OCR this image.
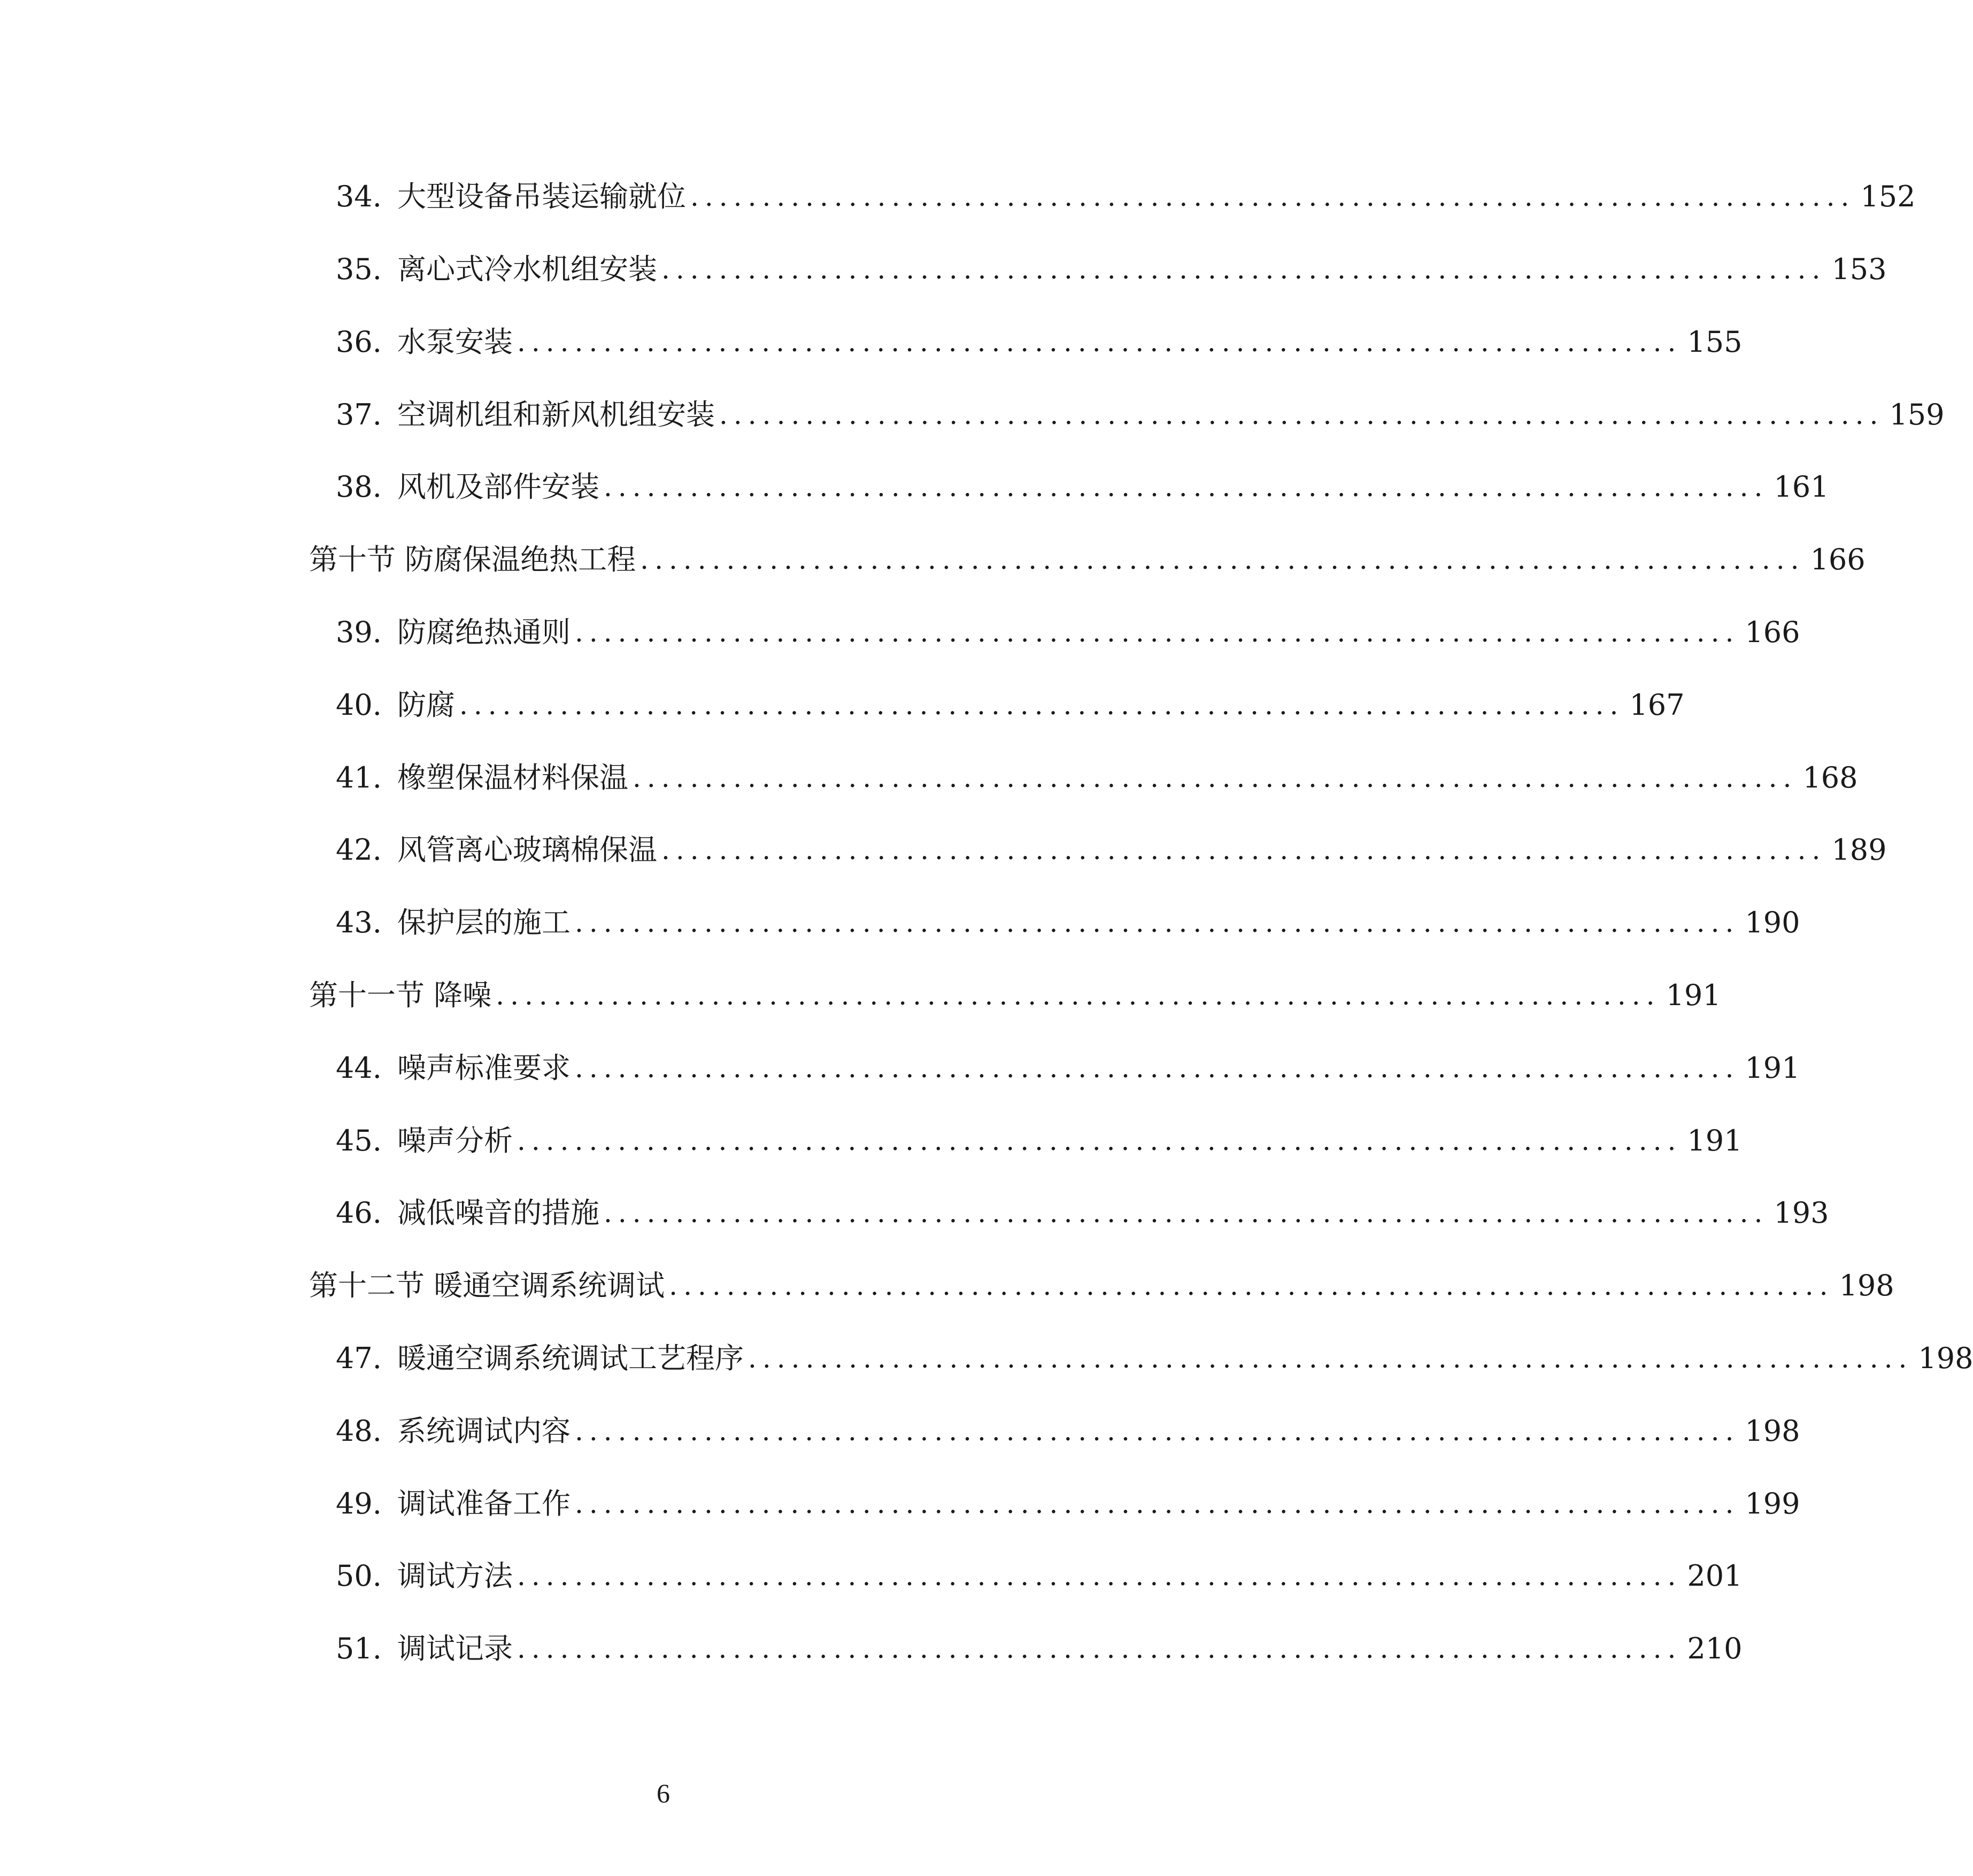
34. 大型设备吊装运输就位 ................................................................................. 152
35. 离心式冷水机组安装 ................................................................................. 153
36. 水泵安装 ................................................................................. 155
37. 空调机组和新风机组安装 ................................................................................. 159
38. 风机及部件安装 ................................................................................. 161
第十节 防腐保温绝热工程 ................................................................................. 166
39. 防腐绝热通则 ................................................................................. 166
40. 防腐 ................................................................................. 167
41. 橡塑保温材料保温 ................................................................................. 168
42. 风管离心玻璃棉保温 ................................................................................. 189
43. 保护层的施工 ................................................................................. 190
第十一节 降噪 ................................................................................. 191
44. 噪声标准要求 ................................................................................. 191
45. 噪声分析 ................................................................................. 191
46. 减低噪音的措施 ................................................................................. 193
第十二节 暖通空调系统调试 ................................................................................. 198
47. 暖通空调系统调试工艺程序 ................................................................................. 198
48. 系统调试内容 ................................................................................. 198
49. 调试准备工作 ................................................................................. 199
50. 调试方法 ................................................................................. 201
51. 调试记录 ................................................................................. 210
6
